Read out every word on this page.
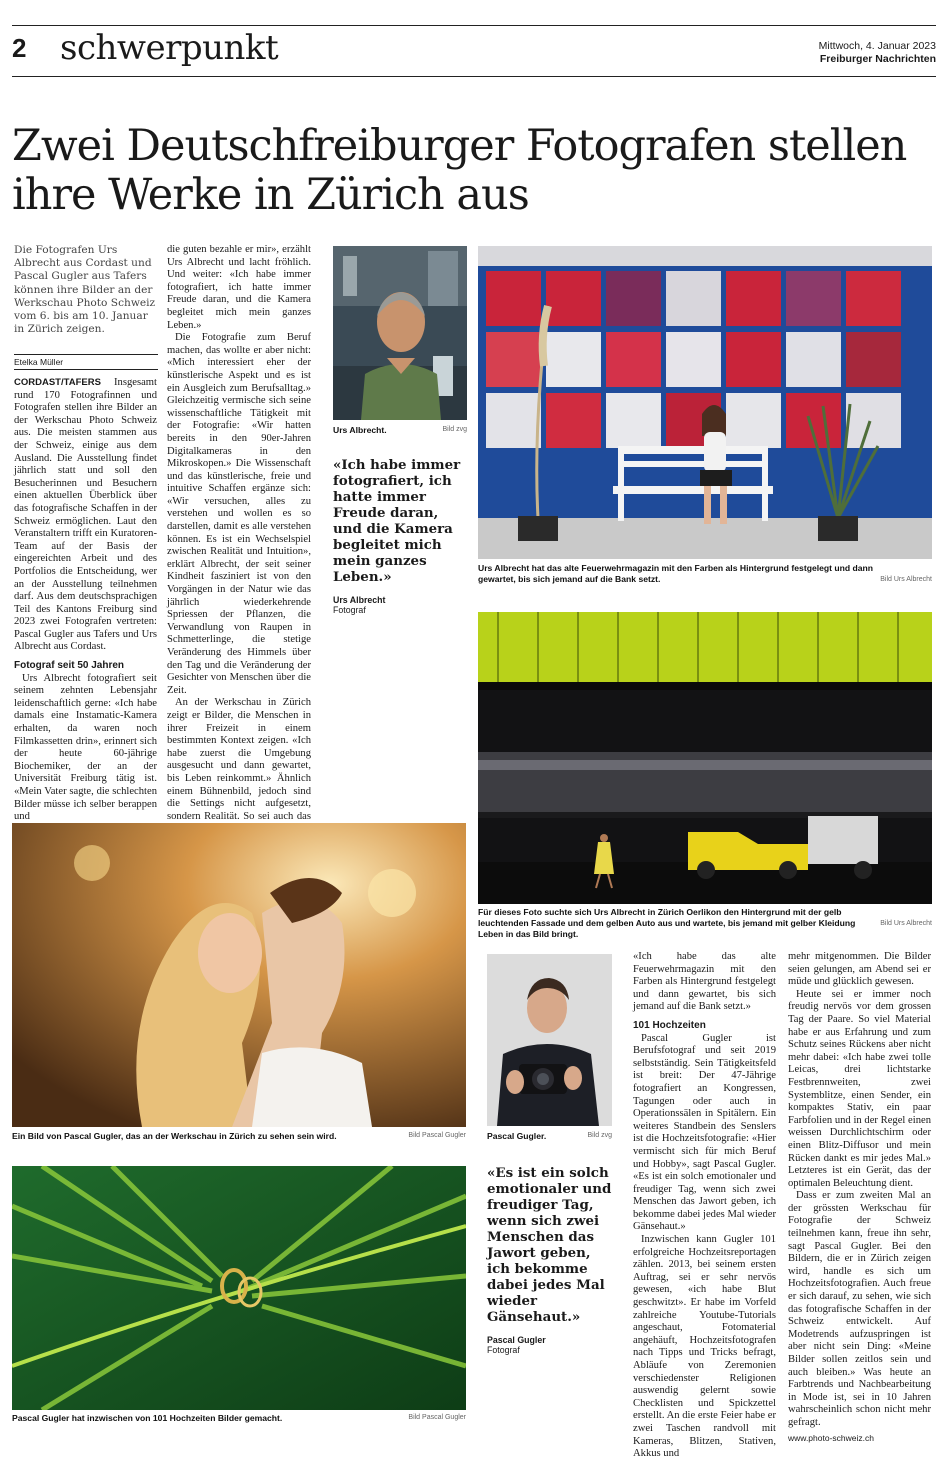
2 schwerpunkt	Mittwoch, 4. Januar 2023
Freiburger Nachrichten
Zwei Deutschfreiburger Fotografen stellen ihre Werke in Zürich aus
Die Fotografen Urs Albrecht aus Cordast und Pascal Gugler aus Tafers können ihre Bilder an der Werkschau Photo Schweiz vom 6. bis am 10. Januar in Zürich zeigen.
Etelka Müller

CORDAST/TAFERS Insgesamt rund 170 Fotografinnen und Fotografen stellen ihre Bilder an der Werkschau Photo Schweiz aus. Die meisten stammen aus der Schweiz, einige aus dem Ausland. Die Ausstellung findet jährlich statt und soll den Besucherinnen und Besuchern einen aktuellen Überblick über das fotografische Schaffen in der Schweiz ermöglichen. Laut den Veranstaltern trifft ein Kuratoren-Team auf der Basis der eingereichten Arbeit und des Portfolios die Entscheidung, wer an der Ausstellung teilnehmen darf. Aus dem deutschsprachigen Teil des Kantons Freiburg sind 2023 zwei Fotografen vertreten: Pascal Gugler aus Tafers und Urs Albrecht aus Cordast.

Fotograf seit 50 Jahren

Urs Albrecht fotografiert seit seinem zehnten Lebensjahr leidenschaftlich gerne: «Ich habe damals eine Instamatic-Kamera erhalten, da waren noch Filmkassetten drin», erinnert sich der heute 60-jährige Biochemiker, der an der Universität Freiburg tätig ist. «Mein Vater sagte, die schlechten Bilder müsse ich selber berappen und

die guten bezahle er mir», erzählt Urs Albrecht und lacht fröhlich. Und weiter: «Ich habe immer fotografiert, ich hatte immer Freude daran, und die Kamera begleitet mich mein ganzes Leben.»

Die Fotografie zum Beruf machen, das wollte er aber nicht: «Mich interessiert eher der künstlerische Aspekt und es ist ein Ausgleich zum Berufsalltag.» Gleichzeitig vermische sich seine wissenschaftliche Tätigkeit mit der Fotografie: «Wir hatten bereits in den 90er-Jahren Digitalkameras in den Mikroskopen.» Die Wissenschaft und das künstlerische, freie und intuitive Schaffen ergänze sich: «Wir versuchen, alles zu verstehen und wollen es so darstellen, damit es alle verstehen können. Es ist ein Wechselspiel zwischen Realität und Intuition», erklärt Albrecht, der seit seiner Kindheit fasziniert ist von den Vorgängen in der Natur wie das jährlich wiederkehrende Spriessen der Pflanzen, die Verwandlung von Raupen in Schmetterlinge, die stetige Veränderung des Himmels über den Tag und die Veränderung der Gesichter von Menschen über die Zeit.

An der Werkschau in Zürich zeigt er Bilder, die Menschen in ihrer Freizeit in einem bestimmten Kontext zeigen. «Ich habe zuerst die Umgebung ausgesucht und dann gewartet, bis Leben reinkommt.» Ähnlich einem Bühnenbild, jedoch sind die Settings nicht aufgesetzt, sondern Realität. So sei auch das

Urs Albrecht.	Bild zvg
«Ich habe immer fotografiert, ich hatte immer Freude daran, und die Kamera begleitet mich mein ganzes Leben.»
Urs Albrecht
Fotograf
Urs Albrecht hat das alte Feuerwehrmagazin mit den Farben als Hintergrund festgelegt und dann gewartet, bis sich jemand auf die Bank setzt.	Bild Urs Albrecht
Für dieses Foto suchte sich Urs Albrecht in Zürich Oerlikon den Hintergrund mit der gelb leuchtenden Fassade und dem gelben Auto aus und wartete, bis jemand mit gelber Kleidung Leben in das Bild bringt.
Bild Urs Albrecht
Ein Bild von Pascal Gugler, das an der Werkschau in Zürich zu sehen sein wird.	Bild Pascal Gugler
Pascal Gugler hat inzwischen von 101 Hochzeiten Bilder gemacht.	Bild Pascal Gugler
Pascal Gugler.	Bild zvg
«Es ist ein solch emotionaler und freudiger Tag, wenn sich zwei Menschen das Jawort geben, ich bekomme dabei jedes Mal wieder Gänsehaut.»
Pascal Gugler
Fotograf

«Ich habe das alte Feuerwehrmagazin mit den Farben als Hintergrund festgelegt und dann gewartet, bis sich jemand auf die Bank setzt.»

101 Hochzeiten

Pascal Gugler ist Berufsfotograf und seit 2019 selbstständig. Sein Tätigkeitsfeld ist breit: Der 47-Jährige fotografiert an Kongressen, Tagungen oder auch in Operationssälen in Spitälern. Ein weiteres Standbein des Senslers ist die Hochzeitsfotografie: «Hier vermischt sich für mich Beruf und Hobby», sagt Pascal Gugler. «Es ist ein solch emotionaler und freudiger Tag, wenn sich zwei Menschen das Jawort geben, ich bekomme dabei jedes Mal wieder Gänsehaut.»

Inzwischen kann Gugler 101 erfolgreiche Hochzeitsreportagen zählen. 2013, bei seinem ersten Auftrag, sei er sehr nervös gewesen, «ich habe Blut geschwitzt». Er habe im Vorfeld zahlreiche Youtube-Tutorials angeschaut, Fotomaterial angehäuft, Hochzeitsfotografen nach Tipps und Tricks befragt, Abläufe von Zeremonien verschiedenster Religionen auswendig gelernt sowie Checklisten und Spickzettel erstellt. An die erste Feier habe er zwei Taschen randvoll mit Kameras, Blitzen, Stativen, Akkus und

mehr mitgenommen. Die Bilder seien gelungen, am Abend sei er müde und glücklich gewesen.

Heute sei er immer noch freudig nervös vor dem grossen Tag der Paare. So viel Material habe er aus Erfahrung und zum Schutz seines Rückens aber nicht mehr dabei: «Ich habe zwei tolle Leicas, drei lichtstarke Festbrennweiten, zwei Systemblitze, einen Sender, ein kompaktes Stativ, ein paar Farbfolien und in der Regel einen weissen Durchlichtschirm oder einen Blitz-Diffusor und mein Rücken dankt es mir jedes Mal.» Letzteres ist ein Gerät, das der optimalen Beleuchtung dient.

Dass er zum zweiten Mal an der grössten Werkschau für Fotografie der Schweiz teilnehmen kann, freue ihn sehr, sagt Pascal Gugler. Bei den Bildern, die er in Zürich zeigen wird, handle es sich um Hochzeitsfotografien. Auch freue er sich darauf, zu sehen, wie sich das fotografische Schaffen in der Schweiz entwickelt. Auf Modetrends aufzuspringen ist aber nicht sein Ding: «Meine Bilder sollen zeitlos sein und auch bleiben.» Was heute an Farbtrends und Nachbearbeitung in Mode ist, sei in 10 Jahren wahrscheinlich schon nicht mehr gefragt.

www.photo-schweiz.ch
